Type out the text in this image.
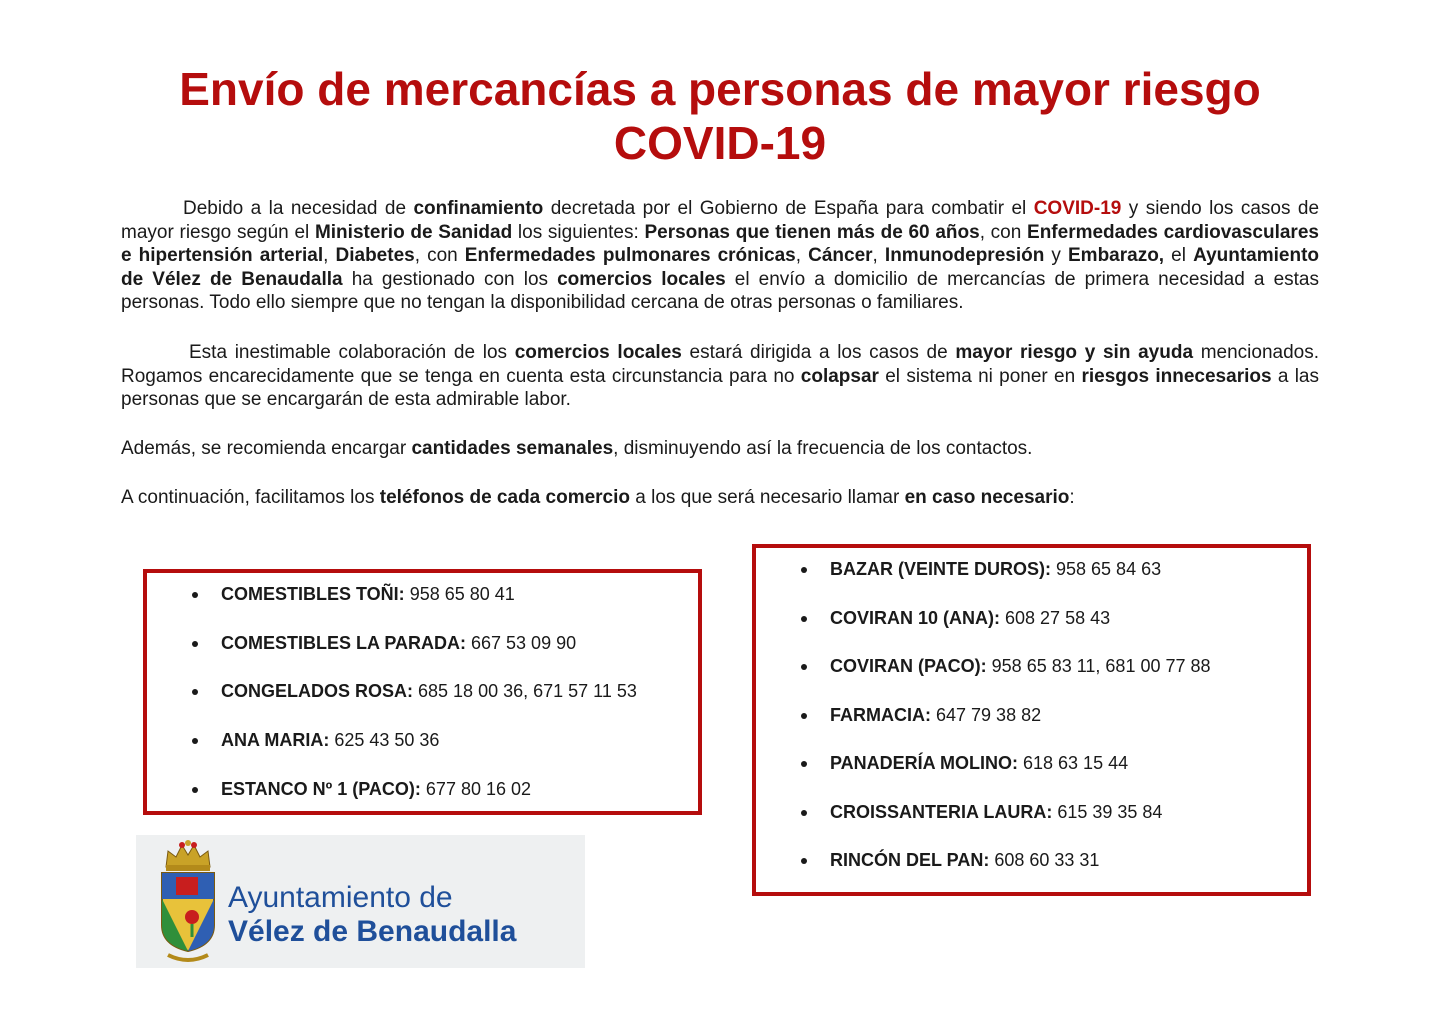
Envío de mercancías a personas de mayor riesgo
COVID-19

Debido a la necesidad de confinamiento decretada por el Gobierno de España para combatir el COVID-19 y siendo los casos de mayor riesgo según el Ministerio de Sanidad los siguientes: Personas que tienen más de 60 años, con Enfermedades cardiovasculares e hipertensión arterial, Diabetes, con Enfermedades pulmonares crónicas, Cáncer, Inmunodepresión y Embarazo, el Ayuntamiento de Vélez de Benaudalla ha gestionado con los comercios locales el envío a domicilio de mercancías de primera necesidad a estas personas. Todo ello siempre que no tengan la disponibilidad cercana de otras personas o familiares.

Esta inestimable colaboración de los comercios locales estará dirigida a los casos de mayor riesgo y sin ayuda mencionados. Rogamos encarecidamente que se tenga en cuenta esta circunstancia para no colapsar el sistema ni poner en riesgos innecesarios a las personas que se encargarán de esta admirable labor.

Además, se recomienda encargar cantidades semanales, disminuyendo así la frecuencia de los contactos.

A continuación, facilitamos los teléfonos de cada comercio a los que será necesario llamar en caso necesario:

COMESTIBLES TOÑI: 958 65 80 41
COMESTIBLES LA PARADA: 667 53 09 90
CONGELADOS ROSA: 685 18 00 36, 671 57 11 53
ANA MARIA: 625 43 50 36
ESTANCO Nº 1 (PACO): 677 80 16 02
BAZAR (VEINTE DUROS): 958 65 84 63
COVIRAN 10 (ANA): 608 27 58 43
COVIRAN (PACO): 958 65 83 11, 681 00 77 88
FARMACIA: 647 79 38 82
PANADERÍA MOLINO: 618 63 15 44
CROISSANTERIA LAURA: 615 39 35 84
RINCÓN DEL PAN: 608 60 33 31
Ayuntamiento de
Vélez de Benaudalla
